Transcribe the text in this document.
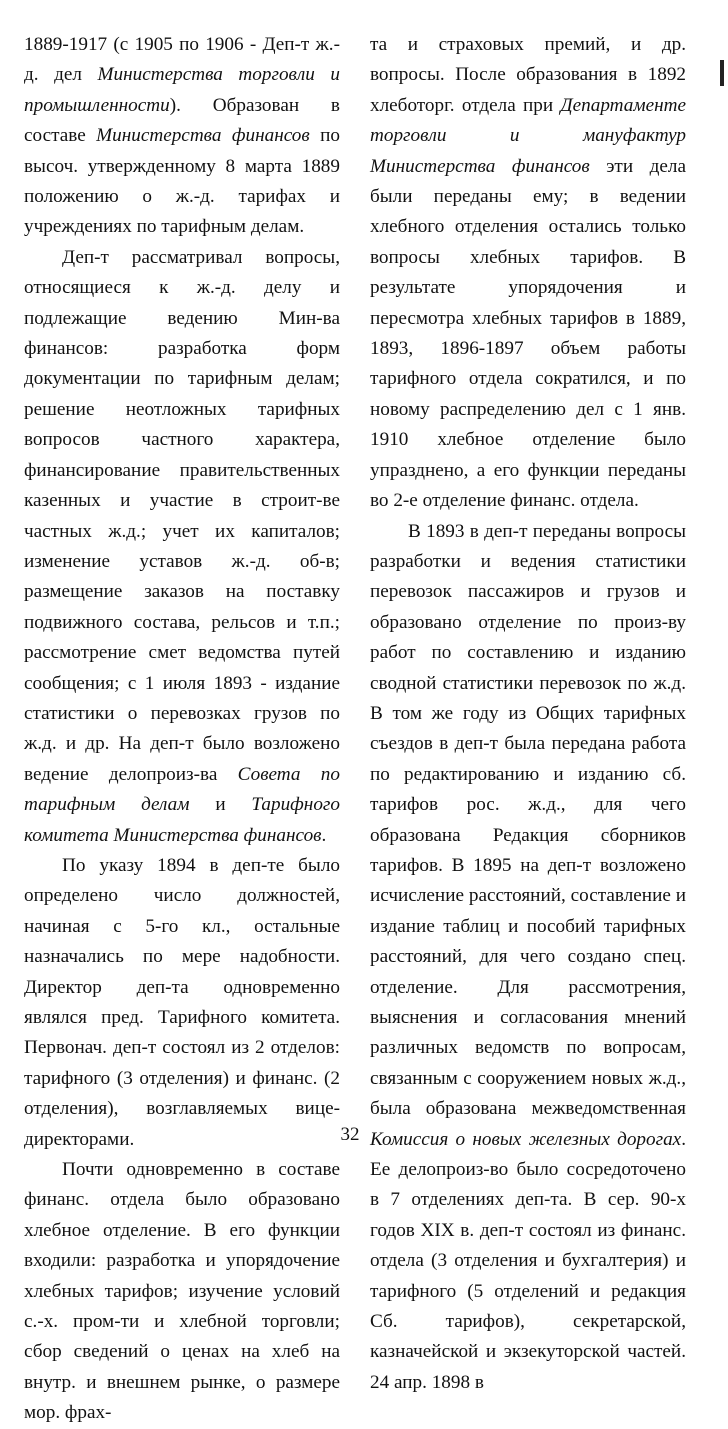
1889-1917 (с 1905 по 1906 - Деп-т ж.-д. дел Министерства торговли и промышленности). Образован в составе Министерства финансов по высоч. утвержденному 8 марта 1889 положению о ж.-д. тарифах и учреждениях по тарифным делам.

Деп-т рассматривал вопросы, относящиеся к ж.-д. делу и подлежащие ведению Мин-ва финансов: разработка форм документации по тарифным делам; решение неотложных тарифных вопросов частного характера, финансирование правительственных казенных и участие в строит-ве частных ж.д.; учет их капиталов; изменение уставов ж.-д. об-в; размещение заказов на поставку подвижного состава, рельсов и т.п.; рассмотрение смет ведомства путей сообщения; с 1 июля 1893 - издание статистики о перевозках грузов по ж.д. и др. На деп-т было возложено ведение делопроиз-ва Совета по тарифным делам и Тарифного комитета Министерства финансов.

По указу 1894 в деп-те было определено число должностей, начиная с 5-го кл., остальные назначались по мере надобности. Директор деп-та одновременно являлся пред. Тарифного комитета. Первонач. деп-т состоял из 2 отделов: тарифного (3 отделения) и финанс. (2 отделения), возглавляемых вице-директорами.

Почти одновременно в составе финанс. отдела было образовано хлебное отделение. В его функции входили: разработка и упорядочение хлебных тарифов; изучение условий с.-х. пром-ти и хлебной торговли; сбор сведений о ценах на хлеб на внутр. и внешнем рынке, о размере мор. фрах-

та и страховых премий, и др. вопросы. После образования в 1892 хлеботорг. отдела при Департаменте торговли и мануфактур Министерства финансов эти дела были переданы ему; в ведении хлебного отделения остались только вопросы хлебных тарифов. В результате упорядочения и пересмотра хлебных тарифов в 1889, 1893, 1896-1897 объем работы тарифного отдела сократился, и по новому распределению дел с 1 янв. 1910 хлебное отделение было упразднено, а его функции переданы во 2-е отделение финанс. отдела.

В 1893 в деп-т переданы вопросы разработки и ведения статистики перевозок пассажиров и грузов и образовано отделение по произ-ву работ по составлению и изданию сводной статистики перевозок по ж.д. В том же году из Общих тарифных съездов в деп-т была передана работа по редактированию и изданию сб. тарифов рос. ж.д., для чего образована Редакция сборников тарифов. В 1895 на деп-т возложено исчисление расстояний, составление и издание таблиц и пособий тарифных расстояний, для чего создано спец. отделение. Для рассмотрения, выяснения и согласования мнений различных ведомств по вопросам, связанным с сооружением новых ж.д., была образована межведомственная Комиссия о новых железных дорогах. Ее делопроиз-во было сосредоточено в 7 отделениях деп-та. В сер. 90-х годов XIX в. деп-т состоял из финанс. отдела (3 отделения и бухгалтерия) и тарифного (5 отделений и редакция Сб. тарифов), секретарской, казначейской и экзекуторской частей. 24 апр. 1898 в

32
